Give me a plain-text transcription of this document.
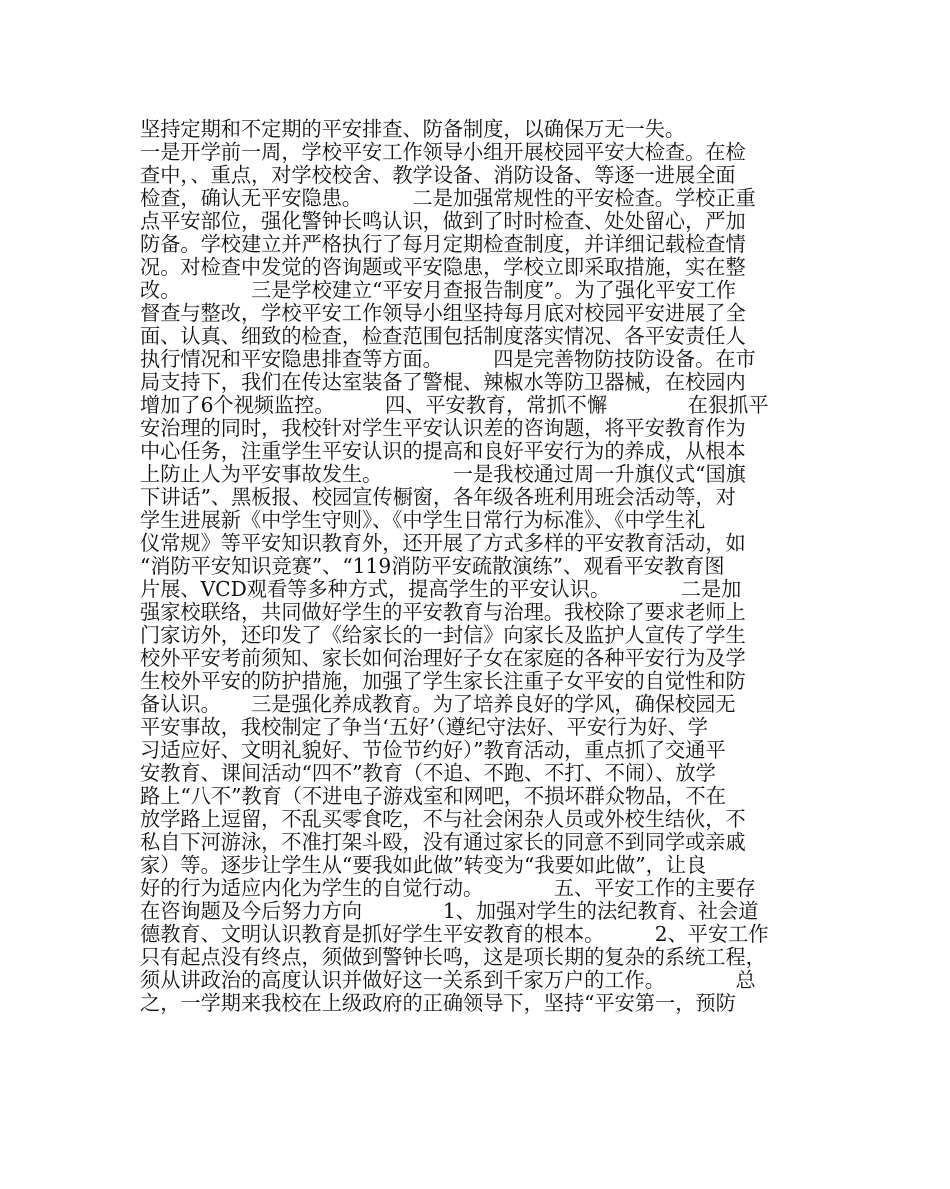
坚持定期和不定期的平安排查、防备制度，以确保万无一失。
一是开学前一周，学校平安工作领导小组开展校园平安大检查。在检
查中，、重点，对学校校舍、教学设备、消防设备、等逐一进展全面
检查，确认无平安隐患。　　　二是加强常规性的平安检查。学校正重
点平安部位，强化警钟长鸣认识，做到了时时检查、处处留心，严加
防备。学校建立并严格执行了每月定期检查制度，并详细记载检查情
况。对检查中发觉的咨询题或平安隐患，学校立即采取措施，实在整
改。　　　　三是学校建立“平安月查报告制度”。为了强化平安工作
督查与整改，学校平安工作领导小组坚持每月底对校园平安进展了全
面、认真、细致的检查，检查范围包括制度落实情况、各平安责任人
执行情况和平安隐患排查等方面。　　　四是完善物防技防设备。在市
局支持下，我们在传达室装备了警棍、辣椒水等防卫器械，在校园内
增加了6个视频监控。　　　四、平安教育，常抓不懈　　　　在狠抓平
安治理的同时，我校针对学生平安认识差的咨询题，将平安教育作为
中心任务，注重学生平安认识的提高和良好平安行为的养成，从根本
上防止人为平安事故发生。　　　　一是我校通过周一升旗仪式“国旗
下讲话”、黑板报、校园宣传橱窗，各年级各班利用班会活动等，对
学生进展新《中学生守则》、《中学生日常行为标准》、《中学生礼
仪常规》等平安知识教育外，还开展了方式多样的平安教育活动，如
“消防平安知识竞赛”、“119消防平安疏散演练”、观看平安教育图
片展、VCD观看等多种方式，提高学生的平安认识。　　　　二是加
强家校联络，共同做好学生的平安教育与治理。我校除了要求老师上
门家访外，还印发了《给家长的一封信》向家长及监护人宣传了学生
校外平安考前须知、家长如何治理好子女在家庭的各种平安行为及学
生校外平安的防护措施，加强了学生家长注重子女平安的自觉性和防
备认识。　　三是强化养成教育。为了培养良好的学风，确保校园无
平安事故，我校制定了争当‘五好’（遵纪守法好、平安行为好、学
习适应好、文明礼貌好、节俭节约好）”教育活动，重点抓了交通平
安教育、课间活动“四不”教育（不追、不跑、不打、不闹）、放学
路上“八不”教育（不进电子游戏室和网吧，不损坏群众物品，不在
放学路上逗留，不乱买零食吃，不与社会闲杂人员或外校生结伙，不
私自下河游泳，不准打架斗殴，没有通过家长的同意不到同学或亲戚
家）等。逐步让学生从“要我如此做”转变为“我要如此做”，让良
好的行为适应内化为学生的自觉行动。　　　　五、平安工作的主要存
在咨询题及今后努力方向　　　　1、加强对学生的法纪教育、社会道
德教育、文明认识教育是抓好学生平安教育的根本。　　　2、平安工作
只有起点没有终点，须做到警钟长鸣，这是项长期的复杂的系统工程，
须从讲政治的高度认识并做好这一关系到千家万户的工作。　　　　总
之，一学期来我校在上级政府的正确领导下，坚持“平安第一，预防
